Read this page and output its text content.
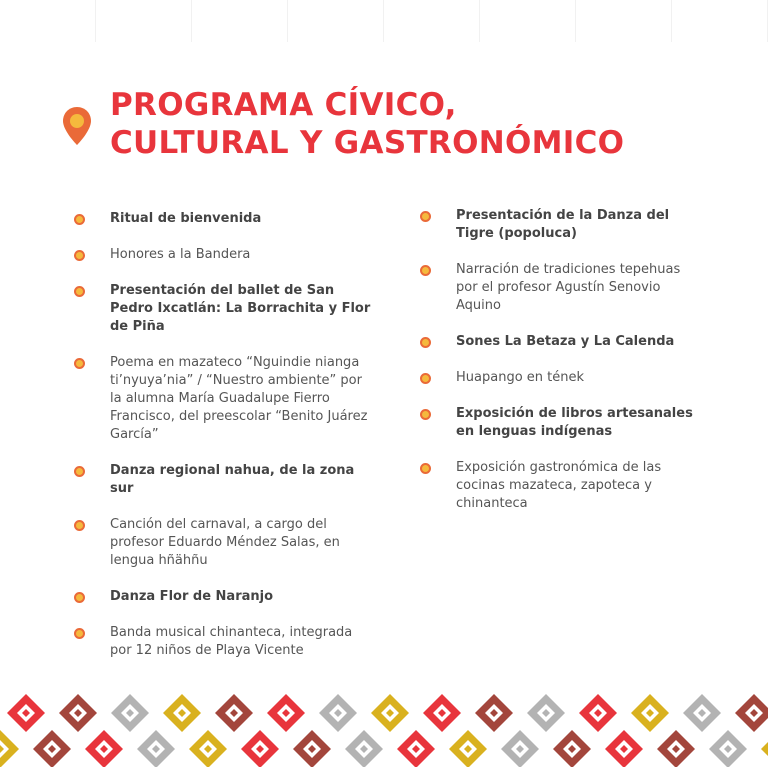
PROGRAMA CÍVICO,
CULTURAL Y GASTRONÓMICO
Ritual de bienvenida
Honores a la Bandera
Presentación del ballet de San Pedro Ixcatlán: La Borrachita y Flor de Piña
Poema en mazateco “Nguindie nianga ti’nyuya’nia” / “Nuestro ambiente” por la alumna María Guadalupe Fierro Francisco, del preescolar “Benito Juárez García”
Danza regional nahua, de la zona sur
Canción del carnaval, a cargo del profesor Eduardo Méndez Salas, en lengua hñähñu
Danza Flor de Naranjo
Banda musical chinanteca, integrada por 12 niños de Playa Vicente
Presentación de la Danza del Tigre (popoluca)
Narración de tradiciones tepehuas por el profesor Agustín Senovio Aquino
Sones La Betaza y La Calenda
Huapango en tének
Exposición de libros artesanales en lenguas indígenas
Exposición gastronómica de las cocinas mazateca, zapoteca y chinanteca
